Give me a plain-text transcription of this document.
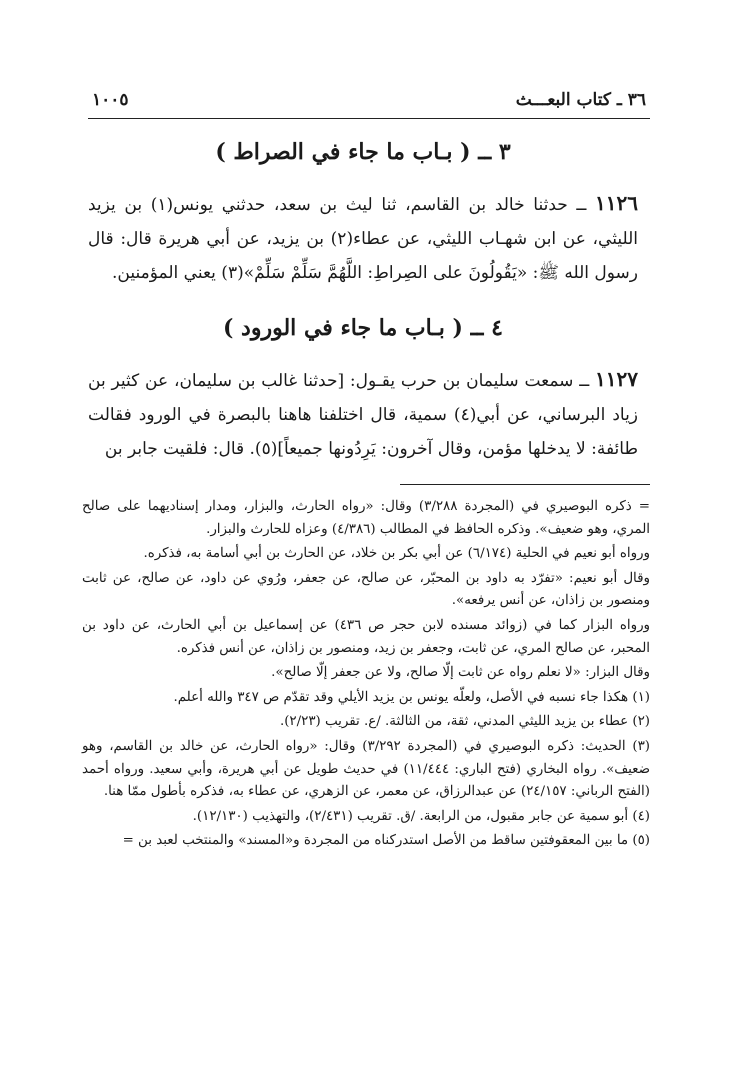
٣٦ ـ كتاب البعـــث
١٠٠٥
٣ ــ ( بـاب ما جاء في الصراط )

١١٢٦ ــ حدثنا خالد بن القاسم، ثنا ليث بن سعد، حدثني يونس(١) بن يزيد الليثي، عن ابن شهـاب الليثي، عن عطاء(٢) بن يزيد، عن أبي هريرة قال: قال رسول الله ﷺ: «يَقُولُونَ على الصِراطِ: اللَّهُمَّ سَلِّمْ سَلِّمْ»(٣) يعني المؤمنين.

٤ ــ ( بـاب ما جاء في الورود )

١١٢٧ ــ سمعت سليمان بن حرب يقـول: [حدثنا غالب بن سليمان، عن كثير بن زياد البرساني، عن أبي(٤) سمية، قال اختلفنا هاهنا بالبصرة في الورود فقالت طائفة: لا يدخلها مؤمن، وقال آخرون: يَرِدُونها جميعاً](٥). قال: فلقيت جابر بن

= ذكره البوصيري في (المجردة ٣/٢٨٨) وقال: «رواه الحارث، والبزار، ومدار إسناديهما على صالح المري، وهو ضعيف». وذكره الحافظ في المطالب (٤/٣٨٦) وعزاه للحارث والبزار.

ورواه أبو نعيم في الحلية (٦/١٧٤) عن أبي بكر بن خلاد، عن الحارث بن أبي أسامة به، فذكره.

وقال أبو نعيم: «تفرّد به داود بن المحبّر، عن صالح، عن جعفر، ورُوي عن داود، عن صالح، عن ثابت ومنصور بن زاذان، عن أنس يرفعه».

ورواه البزار كما في (زوائد مسنده لابن حجر ص ٤٣٦) عن إسماعيل بن أبي الحارث، عن داود بن المحبر، عن صالح المري، عن ثابت، وجعفر بن زيد، ومنصور بن زاذان، عن أنس فذكره.

وقال البزار: «لا نعلم رواه عن ثابت إلّا صالح، ولا عن جعفر إلّا صالح».

(١) هكذا جاء نسبه في الأصل، ولعلّه يونس بن يزيد الأيلي وقد تقدّم ص ٣٤٧ والله أعلم.

(٢) عطاء بن يزيد الليثي المدني، ثقة، من الثالثة. /ع. تقريب (٢/٢٣).

(٣) الحديث: ذكره البوصيري في (المجردة ٣/٢٩٢) وقال: «رواه الحارث، عن خالد بن القاسم، وهو ضعيف». رواه البخاري (فتح الباري: ١١/٤٤٤) في حديث طويل عن أبي هريرة، وأبي سعيد. ورواه أحمد (الفتح الرباني: ٢٤/١٥٧) عن عبدالرزاق، عن معمر، عن الزهري، عن عطاء به، فذكره بأطول ممّا هنا.

(٤) أبو سمية عن جابر مقبول، من الرابعة. /ق. تقريب (٢/٤٣١)، والتهذيب (١٢/١٣٠).

(٥) ما بين المعقوفتين ساقط من الأصل استدركناه من المجردة و«المسند» والمنتخب لعبد بن =
